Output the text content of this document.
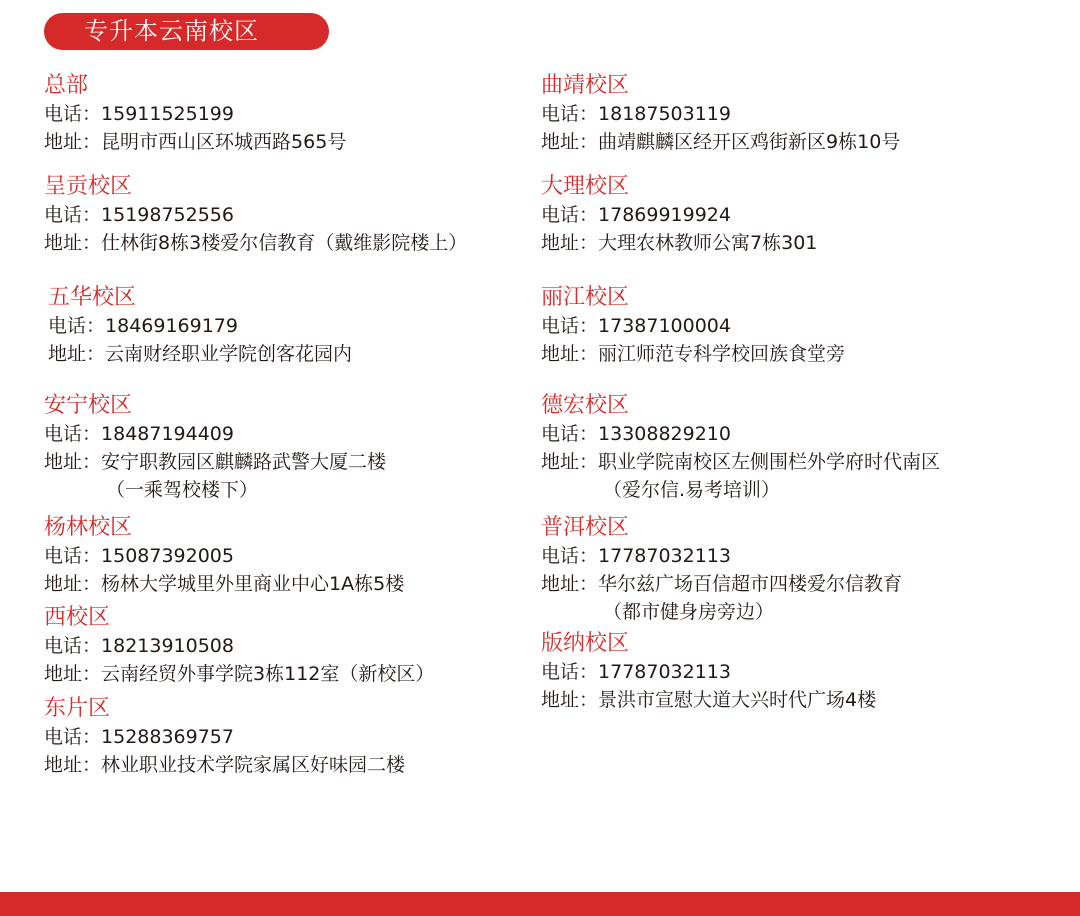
专升本云南校区
总部
电话： 15911525199
地址： 昆明市西山区环城西路565号
呈贡校区
电话： 15198752556
地址： 仕林街8栋3楼爱尔信教育（戴维影院楼上）
五华校区
电话： 18469169179
地址： 云南财经职业学院创客花园内
安宁校区
电话： 18487194409
地址： 安宁职教园区麒麟路武警大厦二楼
（一乘驾校楼下）
杨林校区
电话： 15087392005
地址： 杨林大学城里外里商业中心1A栋5楼
西校区
电话： 18213910508
地址： 云南经贸外事学院3栋112室（新校区）
东片区
电话： 15288369757
地址： 林业职业技术学院家属区好味园二楼
曲靖校区
电话： 18187503119
地址： 曲靖麒麟区经开区鸡街新区9栋10号
大理校区
电话： 17869919924
地址： 大理农林教师公寓7栋301
丽江校区
电话： 17387100004
地址： 丽江师范专科学校回族食堂旁
德宏校区
电话： 13308829210
地址： 职业学院南校区左侧围栏外学府时代南区
（爱尔信.易考培训）
普洱校区
电话： 17787032113
地址： 华尔兹广场百信超市四楼爱尔信教育
（都市健身房旁边）
版纳校区
电话： 17787032113
地址： 景洪市宣慰大道大兴时代广场4楼
